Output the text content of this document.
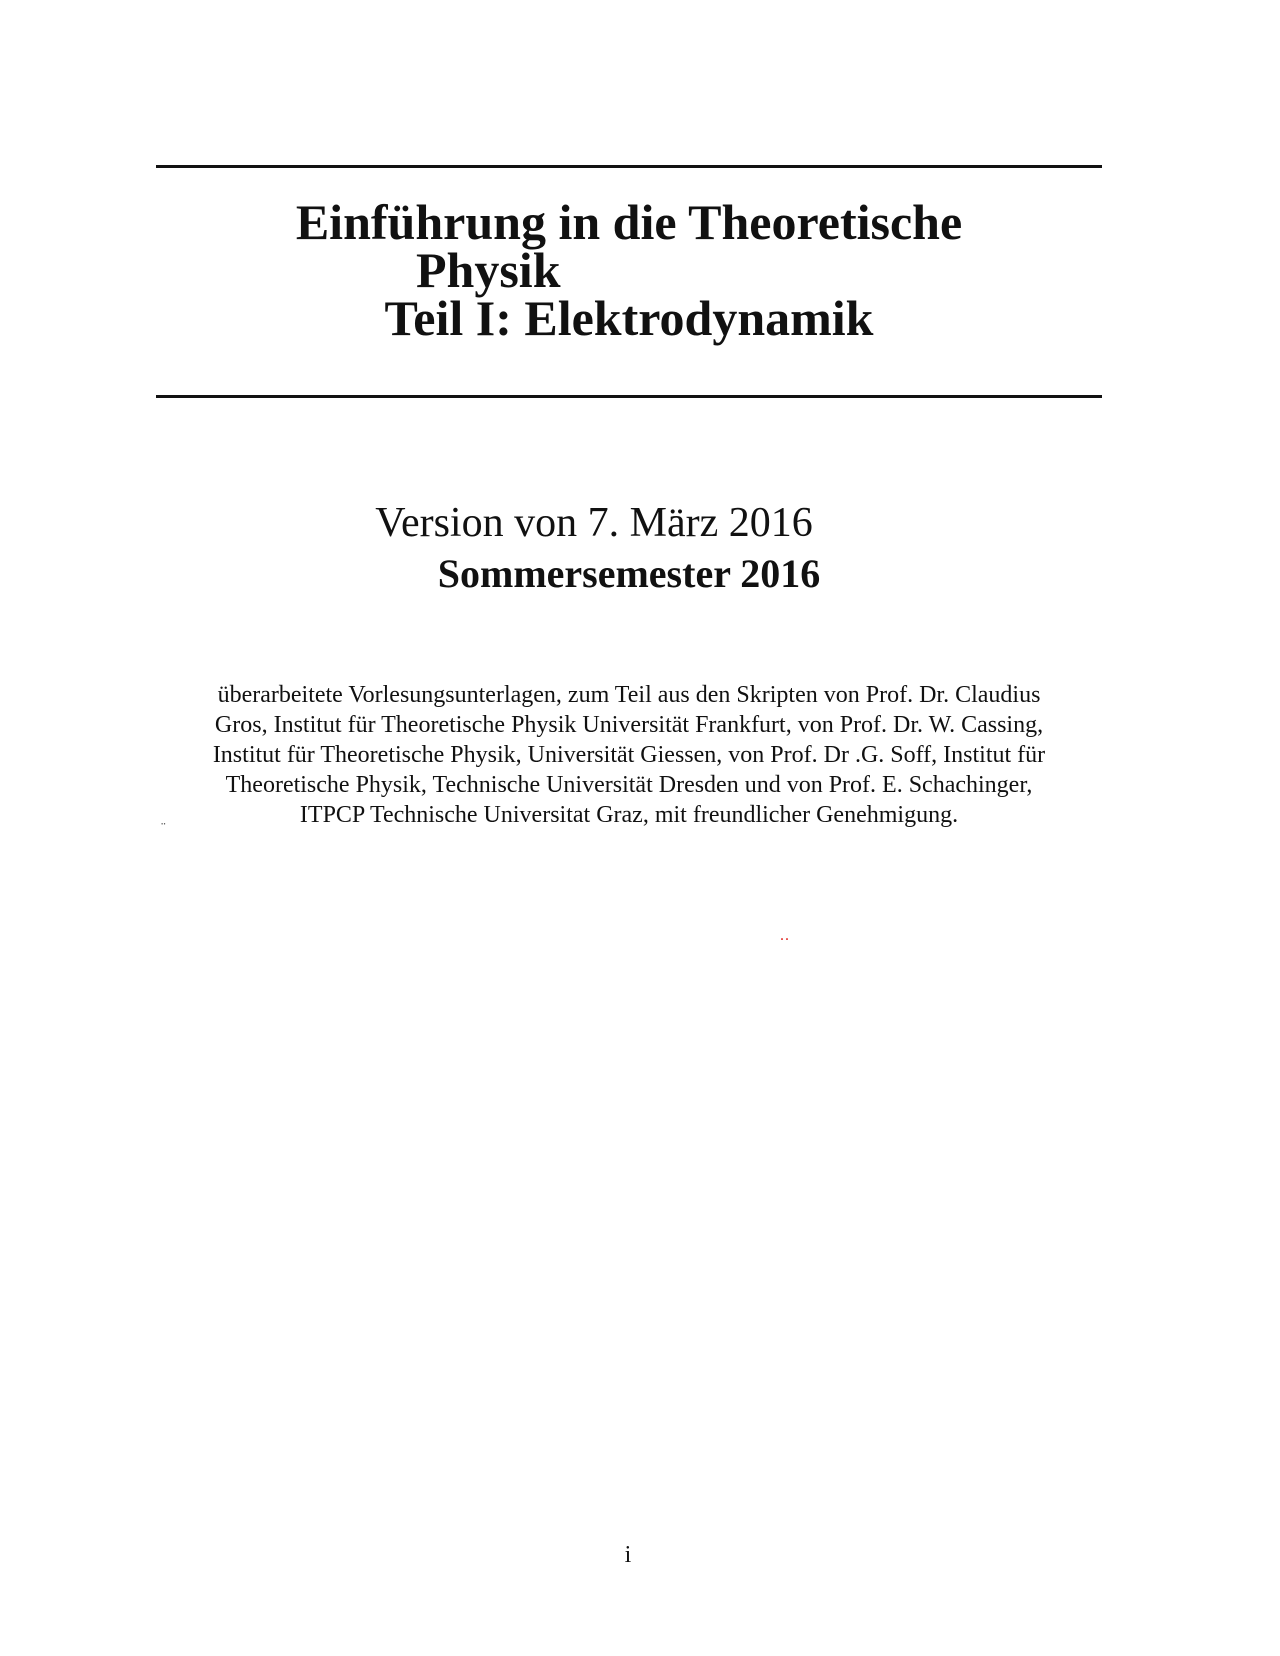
Einführung in die Theoretische
Physik
Teil I: Elektrodynamik
Version von 7. März 2016
Sommersemester 2016
überarbeitete Vorlesungsunterlagen, zum Teil aus den Skripten von Prof. Dr. Claudius
Gros, Institut für Theoretische Physik Universität Frankfurt, von Prof. Dr. W. Cassing,
Institut für Theoretische Physik, Universität Giessen, von Prof. Dr .G. Soff, Institut für
Theoretische Physik, Technische Universität Dresden und von Prof. E. Schachinger,
ITPCP Technische Universitat Graz, mit freundlicher Genehmigung.
¨
..
i
